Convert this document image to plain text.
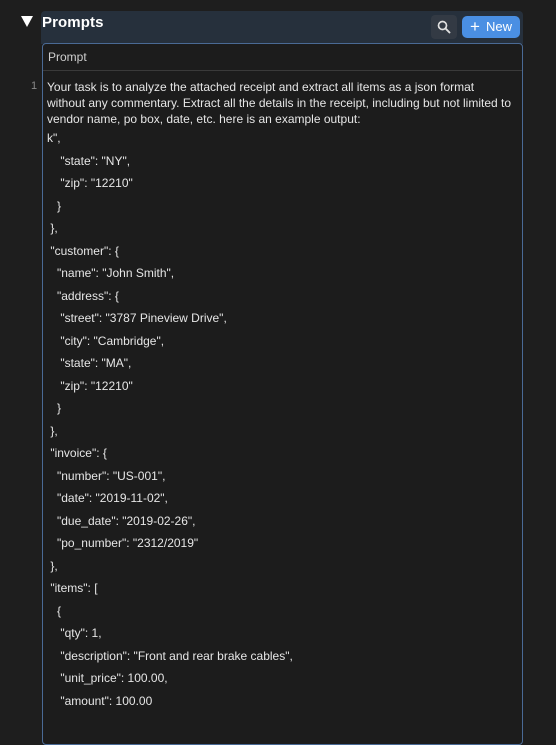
Prompts	+ New
Prompt
1 Your task is to analyze the attached receipt and extract all items as a json format without any commentary. Extract all the details in the receipt, including but not limited to vendor name, po box, date, etc. here is an example output:

k",
"state": "NY",
"zip": "12210"
}
},
"customer": {
"name": "John Smith",
"address": {
"street": "3787 Pineview Drive",
"city": "Cambridge",
"state": "MA",
"zip": "12210"
}
},
"invoice": {
"number": "US-001",
"date": "2019-11-02",
"due_date": "2019-02-26",
"po_number": "2312/2019"
},
"items": [
{
"qty": 1,
"description": "Front and rear brake cables",
"unit_price": 100.00,
"amount": 100.00
